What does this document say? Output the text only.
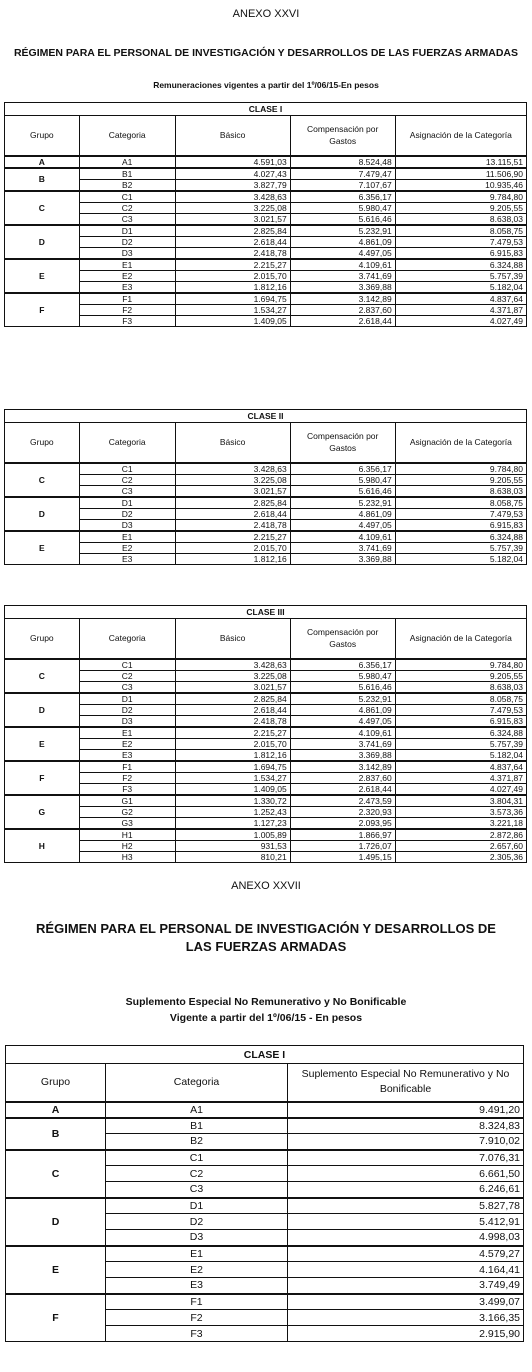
ANEXO XXVI
RÉGIMEN PARA EL PERSONAL DE INVESTIGACIÓN Y DESARROLLOS DE LAS FUERZAS ARMADAS
Remuneraciones vigentes a partir del 1º/06/15-En pesos
CLASE I				
Grupo	Categoria	Básico	Compensación por Gastos	Asignación de la Categoría
A	A1	4.591,03	8.524,48	13.115,51
B	B1	4.027,43	7.479,47	11.506,90
	B2	3.827,79	7.107,67	10.935,46
C	C1	3.428,63	6.356,17	9.784,80
	C2	3.225,08	5.980,47	9.205,55
	C3	3.021,57	5.616,46	8.638,03
D	D1	2.825,84	5.232,91	8.058,75
	D2	2.618,44	4.861,09	7.479,53
	D3	2.418,78	4.497,05	6.915,83
E	E1	2.215,27	4.109,61	6.324,88
	E2	2.015,70	3.741,69	5.757,39
	E3	1.812,16	3.369,88	5.182,04
F	F1	1.694,75	3.142,89	4.837,64
	F2	1.534,27	2.837,60	4.371,87
	F3	1.409,05	2.618,44	4.027,49
CLASE II				
Grupo	Categoria	Básico	Compensación por Gastos	Asignación de la Categoría
C	C1	3.428,63	6.356,17	9.784,80
	C2	3.225,08	5.980,47	9.205,55
	C3	3.021,57	5.616,46	8.638,03
D	D1	2.825,84	5.232,91	8.058,75
	D2	2.618,44	4.861,09	7.479,53
	D3	2.418,78	4.497,05	6.915,83
E	E1	2.215,27	4.109,61	6.324,88
	E2	2.015,70	3.741,69	5.757,39
	E3	1.812,16	3.369,88	5.182,04
CLASE III				
Grupo	Categoria	Básico	Compensación por Gastos	Asignación de la Categoría
C	C1	3.428,63	6.356,17	9.784,80
	C2	3.225,08	5.980,47	9.205,55
	C3	3.021,57	5.616,46	8.638,03
D	D1	2.825,84	5.232,91	8.058,75
	D2	2.618,44	4.861,09	7.479,53
	D3	2.418,78	4.497,05	6.915,83
E	E1	2.215,27	4.109,61	6.324,88
	E2	2.015,70	3.741,69	5.757,39
	E3	1.812,16	3.369,88	5.182,04
F	F1	1.694,75	3.142,89	4.837,64
	F2	1.534,27	2.837,60	4.371,87
	F3	1.409,05	2.618,44	4.027,49
G	G1	1.330,72	2.473,59	3.804,31
	G2	1.252,43	2.320,93	3.573,36
	G3	1.127,23	2.093,95	3.221,18
H	H1	1.005,89	1.866,97	2.872,86
	H2	931,53	1.726,07	2.657,60
	H3	810,21	1.495,15	2.305,36
ANEXO XXVII
RÉGIMEN PARA EL PERSONAL DE INVESTIGACIÓN Y DESARROLLOS DE LAS FUERZAS ARMADAS
Suplemento Especial No Remunerativo y No Bonificable
Vigente a partir del 1º/06/15 - En pesos
CLASE I		
Grupo	Categoria	Suplemento Especial No Remunerativo y No Bonificable
A	A1	9.491,20
B	B1	8.324,83
	B2	7.910,02
C	C1	7.076,31
	C2	6.661,50
	C3	6.246,61
D	D1	5.827,78
	D2	5.412,91
	D3	4.998,03
E	E1	4.579,27
	E2	4.164,41
	E3	3.749,49
F	F1	3.499,07
	F2	3.166,35
	F3	2.915,90
